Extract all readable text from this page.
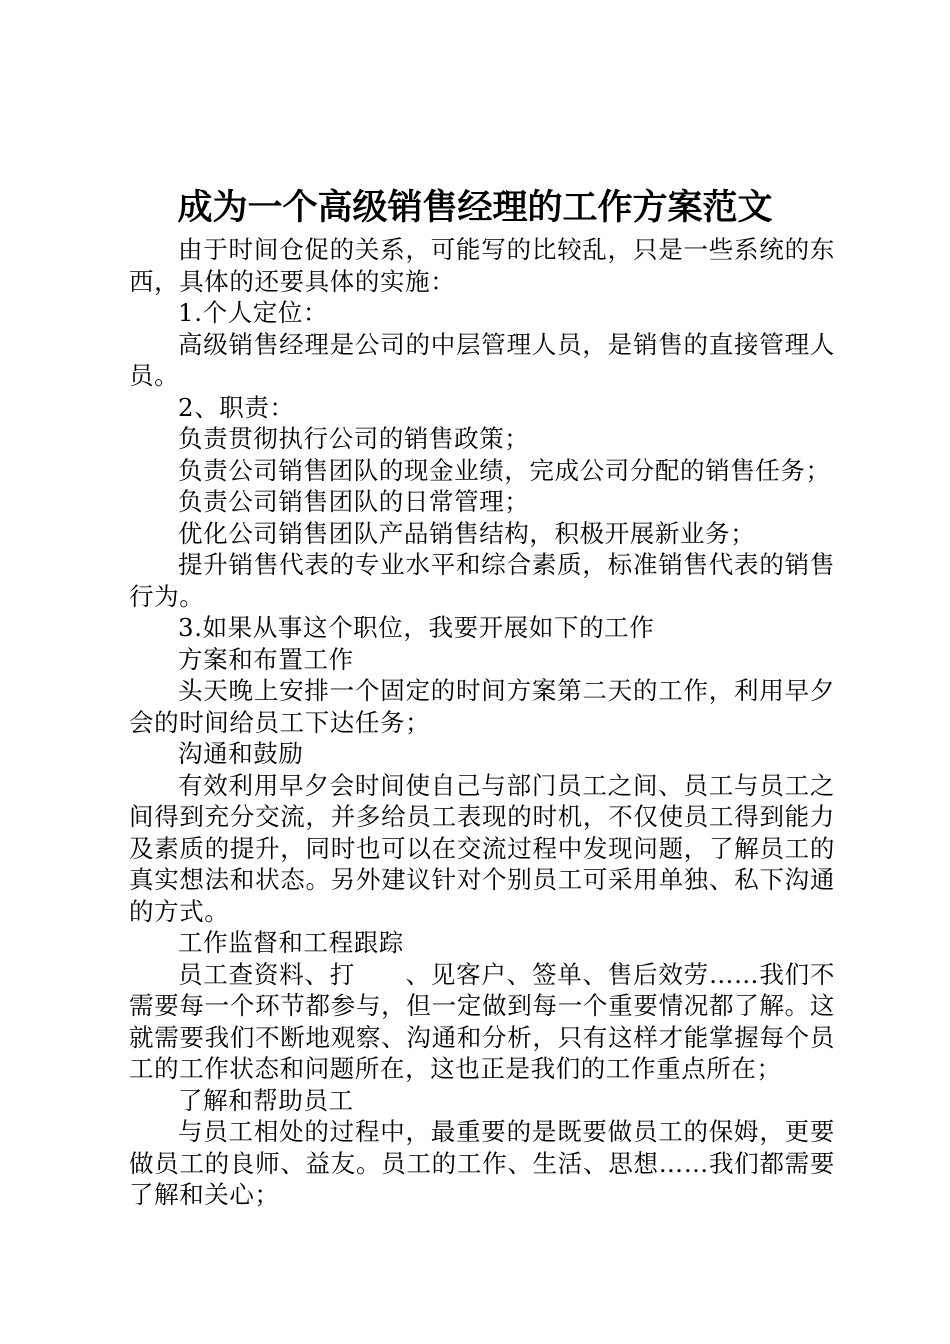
成为一个高级销售经理的工作方案范文

由于时间仓促的关系，可能写的比较乱，只是一些系统的东西，具体的还要具体的实施：

1.个人定位：

高级销售经理是公司的中层管理人员，是销售的直接管理人员。

2、职责：

负责贯彻执行公司的销售政策；

负责公司销售团队的现金业绩，完成公司分配的销售任务；

负责公司销售团队的日常管理；

优化公司销售团队产品销售结构，积极开展新业务；

提升销售代表的专业水平和综合素质，标准销售代表的销售行为。

3.如果从事这个职位，我要开展如下的工作

方案和布置工作

头天晚上安排一个固定的时间方案第二天的工作，利用早夕会的时间给员工下达任务；

沟通和鼓励

有效利用早夕会时间使自己与部门员工之间、员工与员工之间得到充分交流，并多给员工表现的时机，不仅使员工得到能力及素质的提升，同时也可以在交流过程中发现问题，了解员工的真实想法和状态。另外建议针对个别员工可采用单独、私下沟通的方式。

工作监督和工程跟踪

员工查资料、打　　、见客户、签单、售后效劳……我们不需要每一个环节都参与，但一定做到每一个重要情况都了解。这就需要我们不断地观察、沟通和分析，只有这样才能掌握每个员工的工作状态和问题所在，这也正是我们的工作重点所在；

了解和帮助员工

与员工相处的过程中，最重要的是既要做员工的保姆，更要做员工的良师、益友。员工的工作、生活、思想……我们都需要了解和关心；
